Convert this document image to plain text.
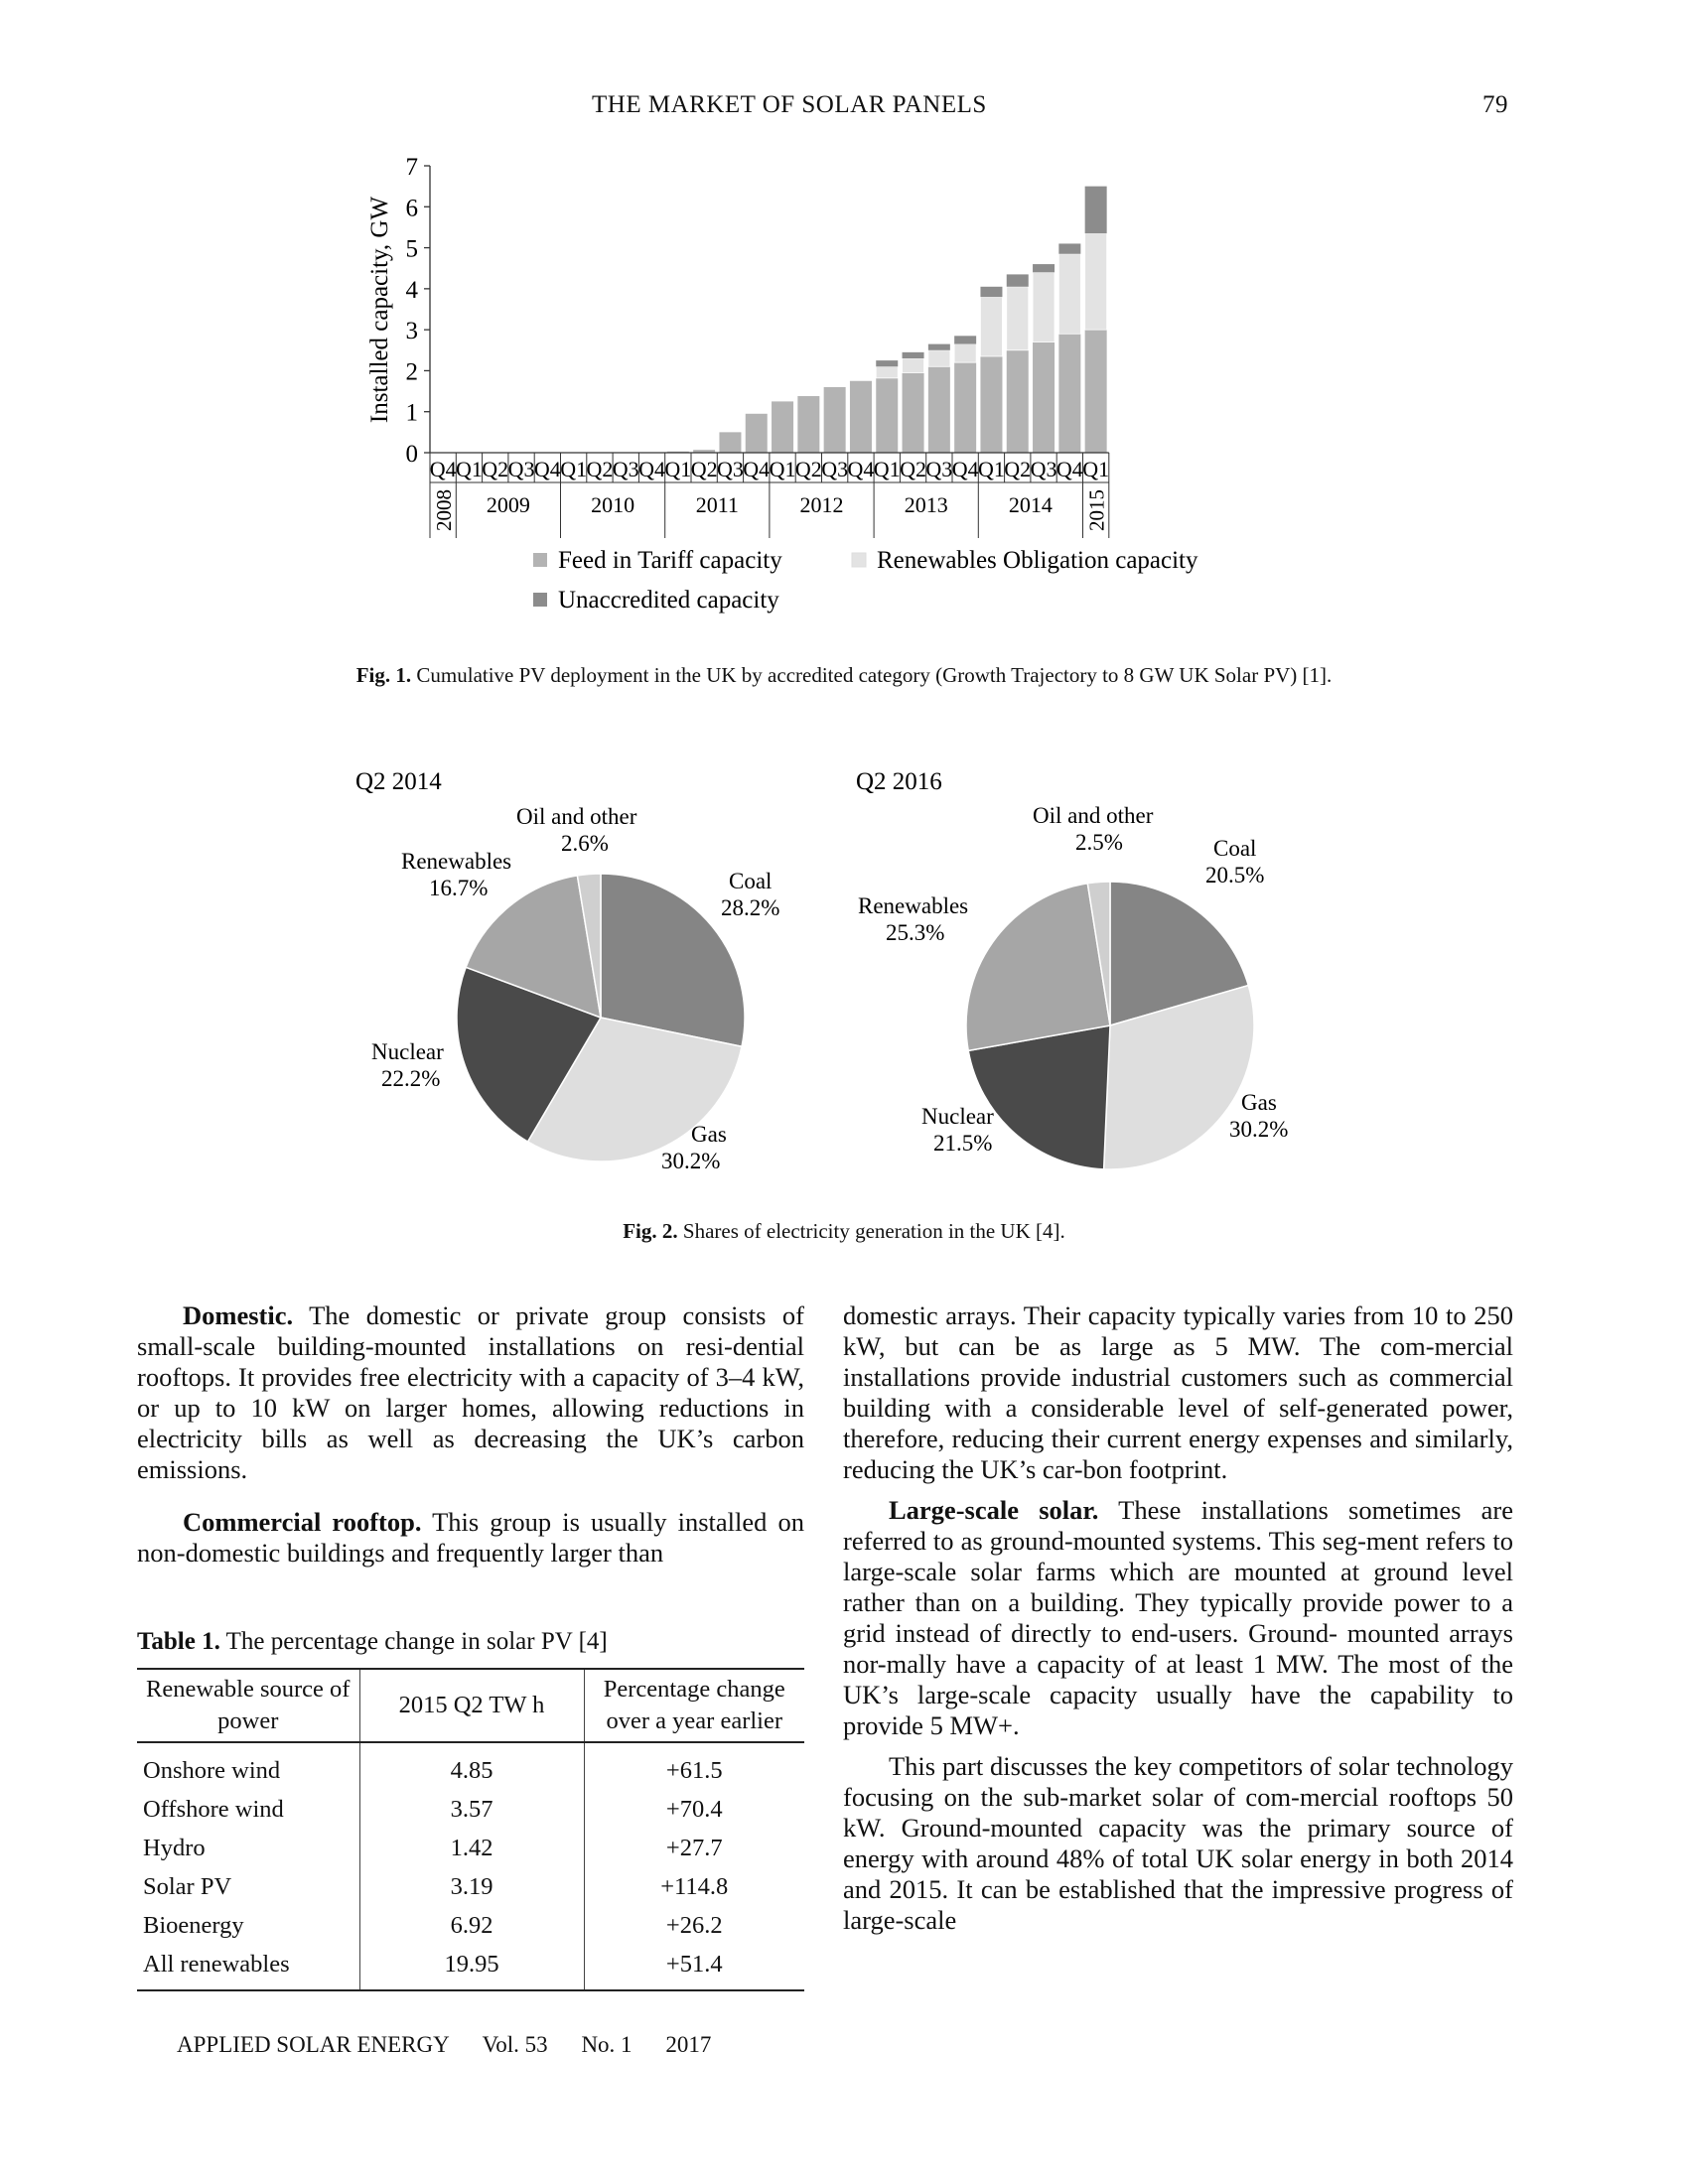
THE MARKET OF SOLAR PANELS	79
0
1
2
3
4
5
6
7
Installed capacity, GW
Q4 Q1 Q2 Q3 Q4 Q1 Q2 Q3 Q4 Q1 Q2 Q3 Q4 Q1 Q2 Q3 Q4 Q1 Q2 Q3 Q4 Q1 Q2 Q3 Q4 Q1
2008 2009	2010	2011	2012	2013	2014 2015
Feed in Tariff capacity	Renewables Obligation capacity
Unaccredited capacity
Fig. 1. Cumulative PV deployment in the UK by accredited category (Growth Trajectory to 8 GW UK Solar PV) [1].
Q2 2014
Oil and other
2.6%
Renewables
16.7%	Coal
28.2%
Nuclear
22.2%
Gas
30.2%
Q2 2016
Oil and other
2.5%	Coal
20.5%
Renewables
25.3%
Nuclear
21.5%
Gas
30.2%
Fig. 2. Shares of electricity generation in the UK [4].

Domestic. The domestic or private group consists of small-scale building-mounted installations on resi-dential rooftops. It provides free electricity with a capacity of 3–4 kW, or up to 10 kW on larger homes, allowing reductions in electricity bills as well as decreasing the UK’s carbon emissions.

Commercial rooftop. This group is usually installed on non-domestic buildings and frequently larger than

Table 1. The percentage change in solar PV [4]
Renewable source of power	2015 Q2 TW h	Percentage change over a year earlier
Onshore wind	4.85	+61.5
Offshore wind	3.57	+70.4
Hydro	1.42	+27.7
Solar PV	3.19	+114.8
Bioenergy	6.92	+26.2
All renewables	19.95	+51.4

domestic arrays. Their capacity typically varies from 10 to 250 kW, but can be as large as 5 MW. The com-mercial installations provide industrial customers such as commercial building with a considerable level of self-generated power, therefore, reducing their current energy expenses and similarly, reducing the UK’s car-bon footprint.

Large-scale solar. These installations sometimes are referred to as ground-mounted systems. This seg-ment refers to large-scale solar farms which are mounted at ground level rather than on a building. They typically provide power to a grid instead of directly to end-users. Ground- mounted arrays nor-mally have a capacity of at least 1 MW. The most of the UK’s large-scale capacity usually have the capability to provide 5 MW+.

This part discusses the key competitors of solar technology focusing on the sub-market solar of com-mercial rooftops 50 kW. Ground-mounted capacity was the primary source of energy with around 48% of total UK solar energy in both 2014 and 2015. It can be established that the impressive progress of large-scale

APPLIED SOLAR ENERGY Vol. 53 No. 1 2017
